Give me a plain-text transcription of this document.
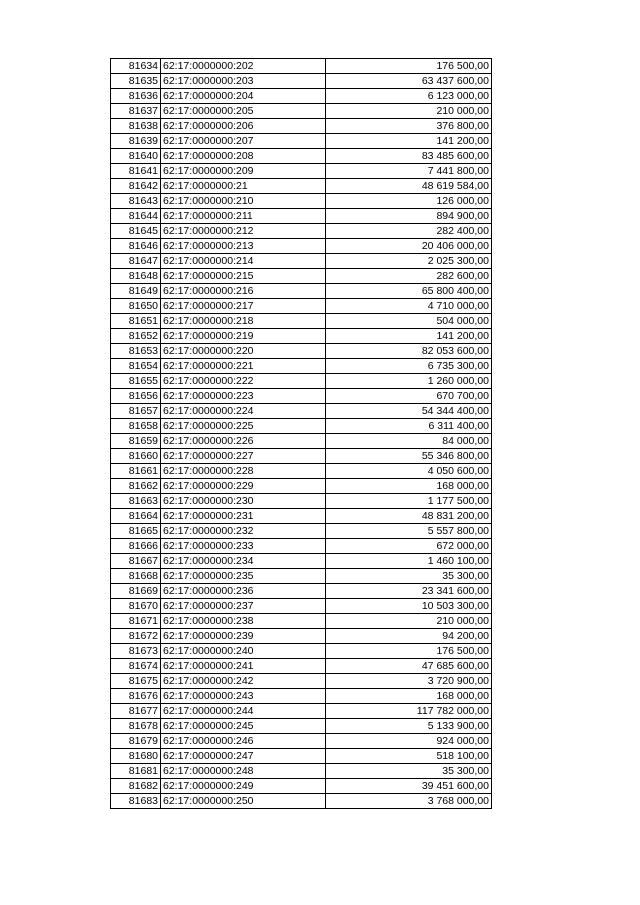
81634	62:17:0000000:202	176 500,00
81635	62:17:0000000:203	63 437 600,00
81636	62:17:0000000:204	6 123 000,00
81637	62:17:0000000:205	210 000,00
81638	62:17:0000000:206	376 800,00
81639	62:17:0000000:207	141 200,00
81640	62:17:0000000:208	83 485 600,00
81641	62:17:0000000:209	7 441 800,00
81642	62:17:0000000:21	48 619 584,00
81643	62:17:0000000:210	126 000,00
81644	62:17:0000000:211	894 900,00
81645	62:17:0000000:212	282 400,00
81646	62:17:0000000:213	20 406 000,00
81647	62:17:0000000:214	2 025 300,00
81648	62:17:0000000:215	282 600,00
81649	62:17:0000000:216	65 800 400,00
81650	62:17:0000000:217	4 710 000,00
81651	62:17:0000000:218	504 000,00
81652	62:17:0000000:219	141 200,00
81653	62:17:0000000:220	82 053 600,00
81654	62:17:0000000:221	6 735 300,00
81655	62:17:0000000:222	1 260 000,00
81656	62:17:0000000:223	670 700,00
81657	62:17:0000000:224	54 344 400,00
81658	62:17:0000000:225	6 311 400,00
81659	62:17:0000000:226	84 000,00
81660	62:17:0000000:227	55 346 800,00
81661	62:17:0000000:228	4 050 600,00
81662	62:17:0000000:229	168 000,00
81663	62:17:0000000:230	1 177 500,00
81664	62:17:0000000:231	48 831 200,00
81665	62:17:0000000:232	5 557 800,00
81666	62:17:0000000:233	672 000,00
81667	62:17:0000000:234	1 460 100,00
81668	62:17:0000000:235	35 300,00
81669	62:17:0000000:236	23 341 600,00
81670	62:17:0000000:237	10 503 300,00
81671	62:17:0000000:238	210 000,00
81672	62:17:0000000:239	94 200,00
81673	62:17:0000000:240	176 500,00
81674	62:17:0000000:241	47 685 600,00
81675	62:17:0000000:242	3 720 900,00
81676	62:17:0000000:243	168 000,00
81677	62:17:0000000:244	117 782 000,00
81678	62:17:0000000:245	5 133 900,00
81679	62:17:0000000:246	924 000,00
81680	62:17:0000000:247	518 100,00
81681	62:17:0000000:248	35 300,00
81682	62:17:0000000:249	39 451 600,00
81683	62:17:0000000:250	3 768 000,00
